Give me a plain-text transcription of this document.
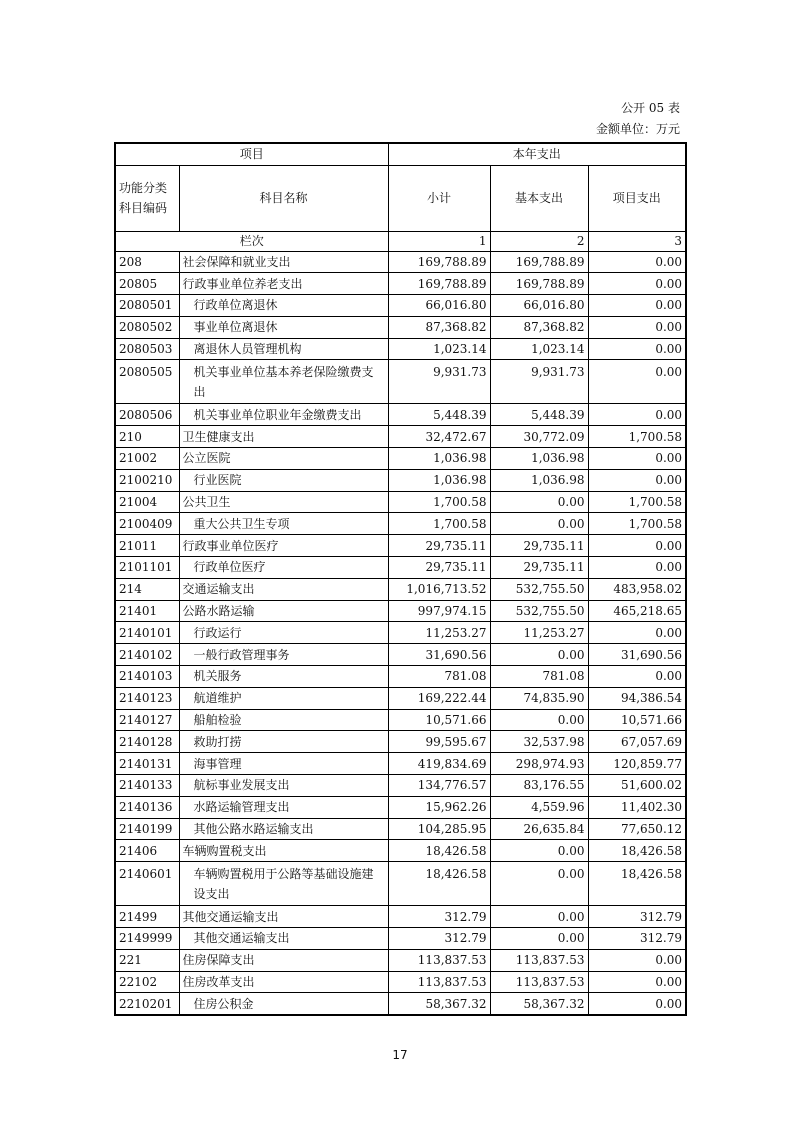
公开 05 表
金额单位：万元
项目		本年支出		
功能分类科目编码	科目名称	小计	基本支出	项目支出
栏次		1	2	3
208	社会保障和就业支出	169,788.89	169,788.89	0.00
20805	行政事业单位养老支出	169,788.89	169,788.89	0.00
2080501	行政单位离退休	66,016.80	66,016.80	0.00
2080502	事业单位离退休	87,368.82	87,368.82	0.00
2080503	离退休人员管理机构	1,023.14	1,023.14	0.00
2080505	机关事业单位基本养老保险缴费支出	9,931.73	9,931.73	0.00
2080506	机关事业单位职业年金缴费支出	5,448.39	5,448.39	0.00
210	卫生健康支出	32,472.67	30,772.09	1,700.58
21002	公立医院	1,036.98	1,036.98	0.00
2100210	行业医院	1,036.98	1,036.98	0.00
21004	公共卫生	1,700.58	0.00	1,700.58
2100409	重大公共卫生专项	1,700.58	0.00	1,700.58
21011	行政事业单位医疗	29,735.11	29,735.11	0.00
2101101	行政单位医疗	29,735.11	29,735.11	0.00
214	交通运输支出	1,016,713.52	532,755.50	483,958.02
21401	公路水路运输	997,974.15	532,755.50	465,218.65
2140101	行政运行	11,253.27	11,253.27	0.00
2140102	一般行政管理事务	31,690.56	0.00	31,690.56
2140103	机关服务	781.08	781.08	0.00
2140123	航道维护	169,222.44	74,835.90	94,386.54
2140127	船舶检验	10,571.66	0.00	10,571.66
2140128	救助打捞	99,595.67	32,537.98	67,057.69
2140131	海事管理	419,834.69	298,974.93	120,859.77
2140133	航标事业发展支出	134,776.57	83,176.55	51,600.02
2140136	水路运输管理支出	15,962.26	4,559.96	11,402.30
2140199	其他公路水路运输支出	104,285.95	26,635.84	77,650.12
21406	车辆购置税支出	18,426.58	0.00	18,426.58
2140601	车辆购置税用于公路等基础设施建设支出	18,426.58	0.00	18,426.58
21499	其他交通运输支出	312.79	0.00	312.79
2149999	其他交通运输支出	312.79	0.00	312.79
221	住房保障支出	113,837.53	113,837.53	0.00
22102	住房改革支出	113,837.53	113,837.53	0.00
2210201	住房公积金	58,367.32	58,367.32	0.00
17
